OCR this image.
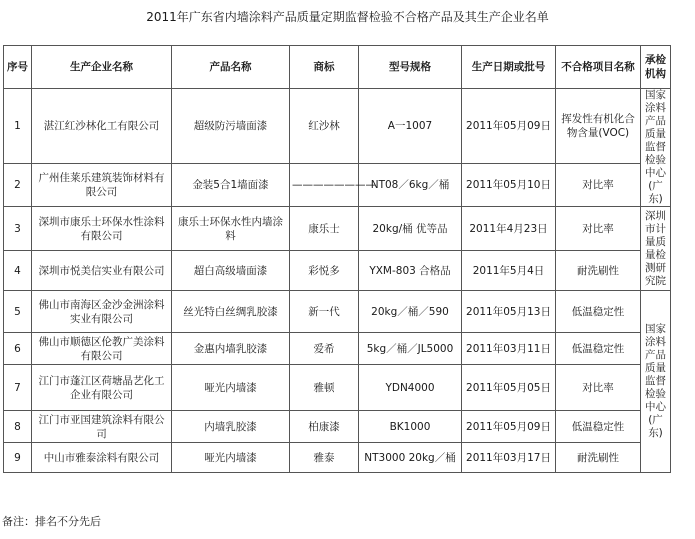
2011年广东省内墙涂料产品质量定期监督检验不合格产品及其生产企业名单
序号	生产企业名称	产品名称	商标	型号规格	生产日期或批号	不合格项目名称	承检机构
1	湛江红沙林化工有限公司	超级防污墙面漆	红沙林	A一1007	2011年05月09日	挥发性有机化合物含量(VOC)	国家涂料产品质量监督检验中心(广东)
2	广州佳莱乐建筑装饰材料有限公司	金装5合1墙面漆	————————	NT08／6kg／桶	2011年05月10日	对比率	
3	深圳市康乐士环保水性涂料有限公司	康乐士环保水性内墙涂料	康乐士	20kg/桶 优等品	2011年4月23日	对比率	深圳市计量质量检测研究院
4	深圳市悦美信实业有限公司	超白高级墙面漆	彩悦多	YXM-803 合格品	2011年5月4日	耐洗刷性	
5	佛山市南海区金沙金洲涂料实业有限公司	丝光特白丝绸乳胶漆	新一代	20kg／桶／590	2011年05月13日	低温稳定性	国家涂料产品质量监督检验中心(广东)
6	佛山市顺德区伦教广美涂料有限公司	金惠内墙乳胶漆	爱希	5kg／桶／JL5000	2011年03月11日	低温稳定性	
7	江门市蓬江区荷塘晶艺化工企业有限公司	哑光内墙漆	雅顿	YDN4000	2011年05月05日	对比率	
8	江门市亚国建筑涂料有限公司	内墙乳胶漆	柏康漆	BK1000	2011年05月09日	低温稳定性	
9	中山市雅泰涂料有限公司	哑光内墙漆	雅泰	NT3000 20kg／桶	2011年03月17日	耐洗刷性	
备注：排名不分先后
